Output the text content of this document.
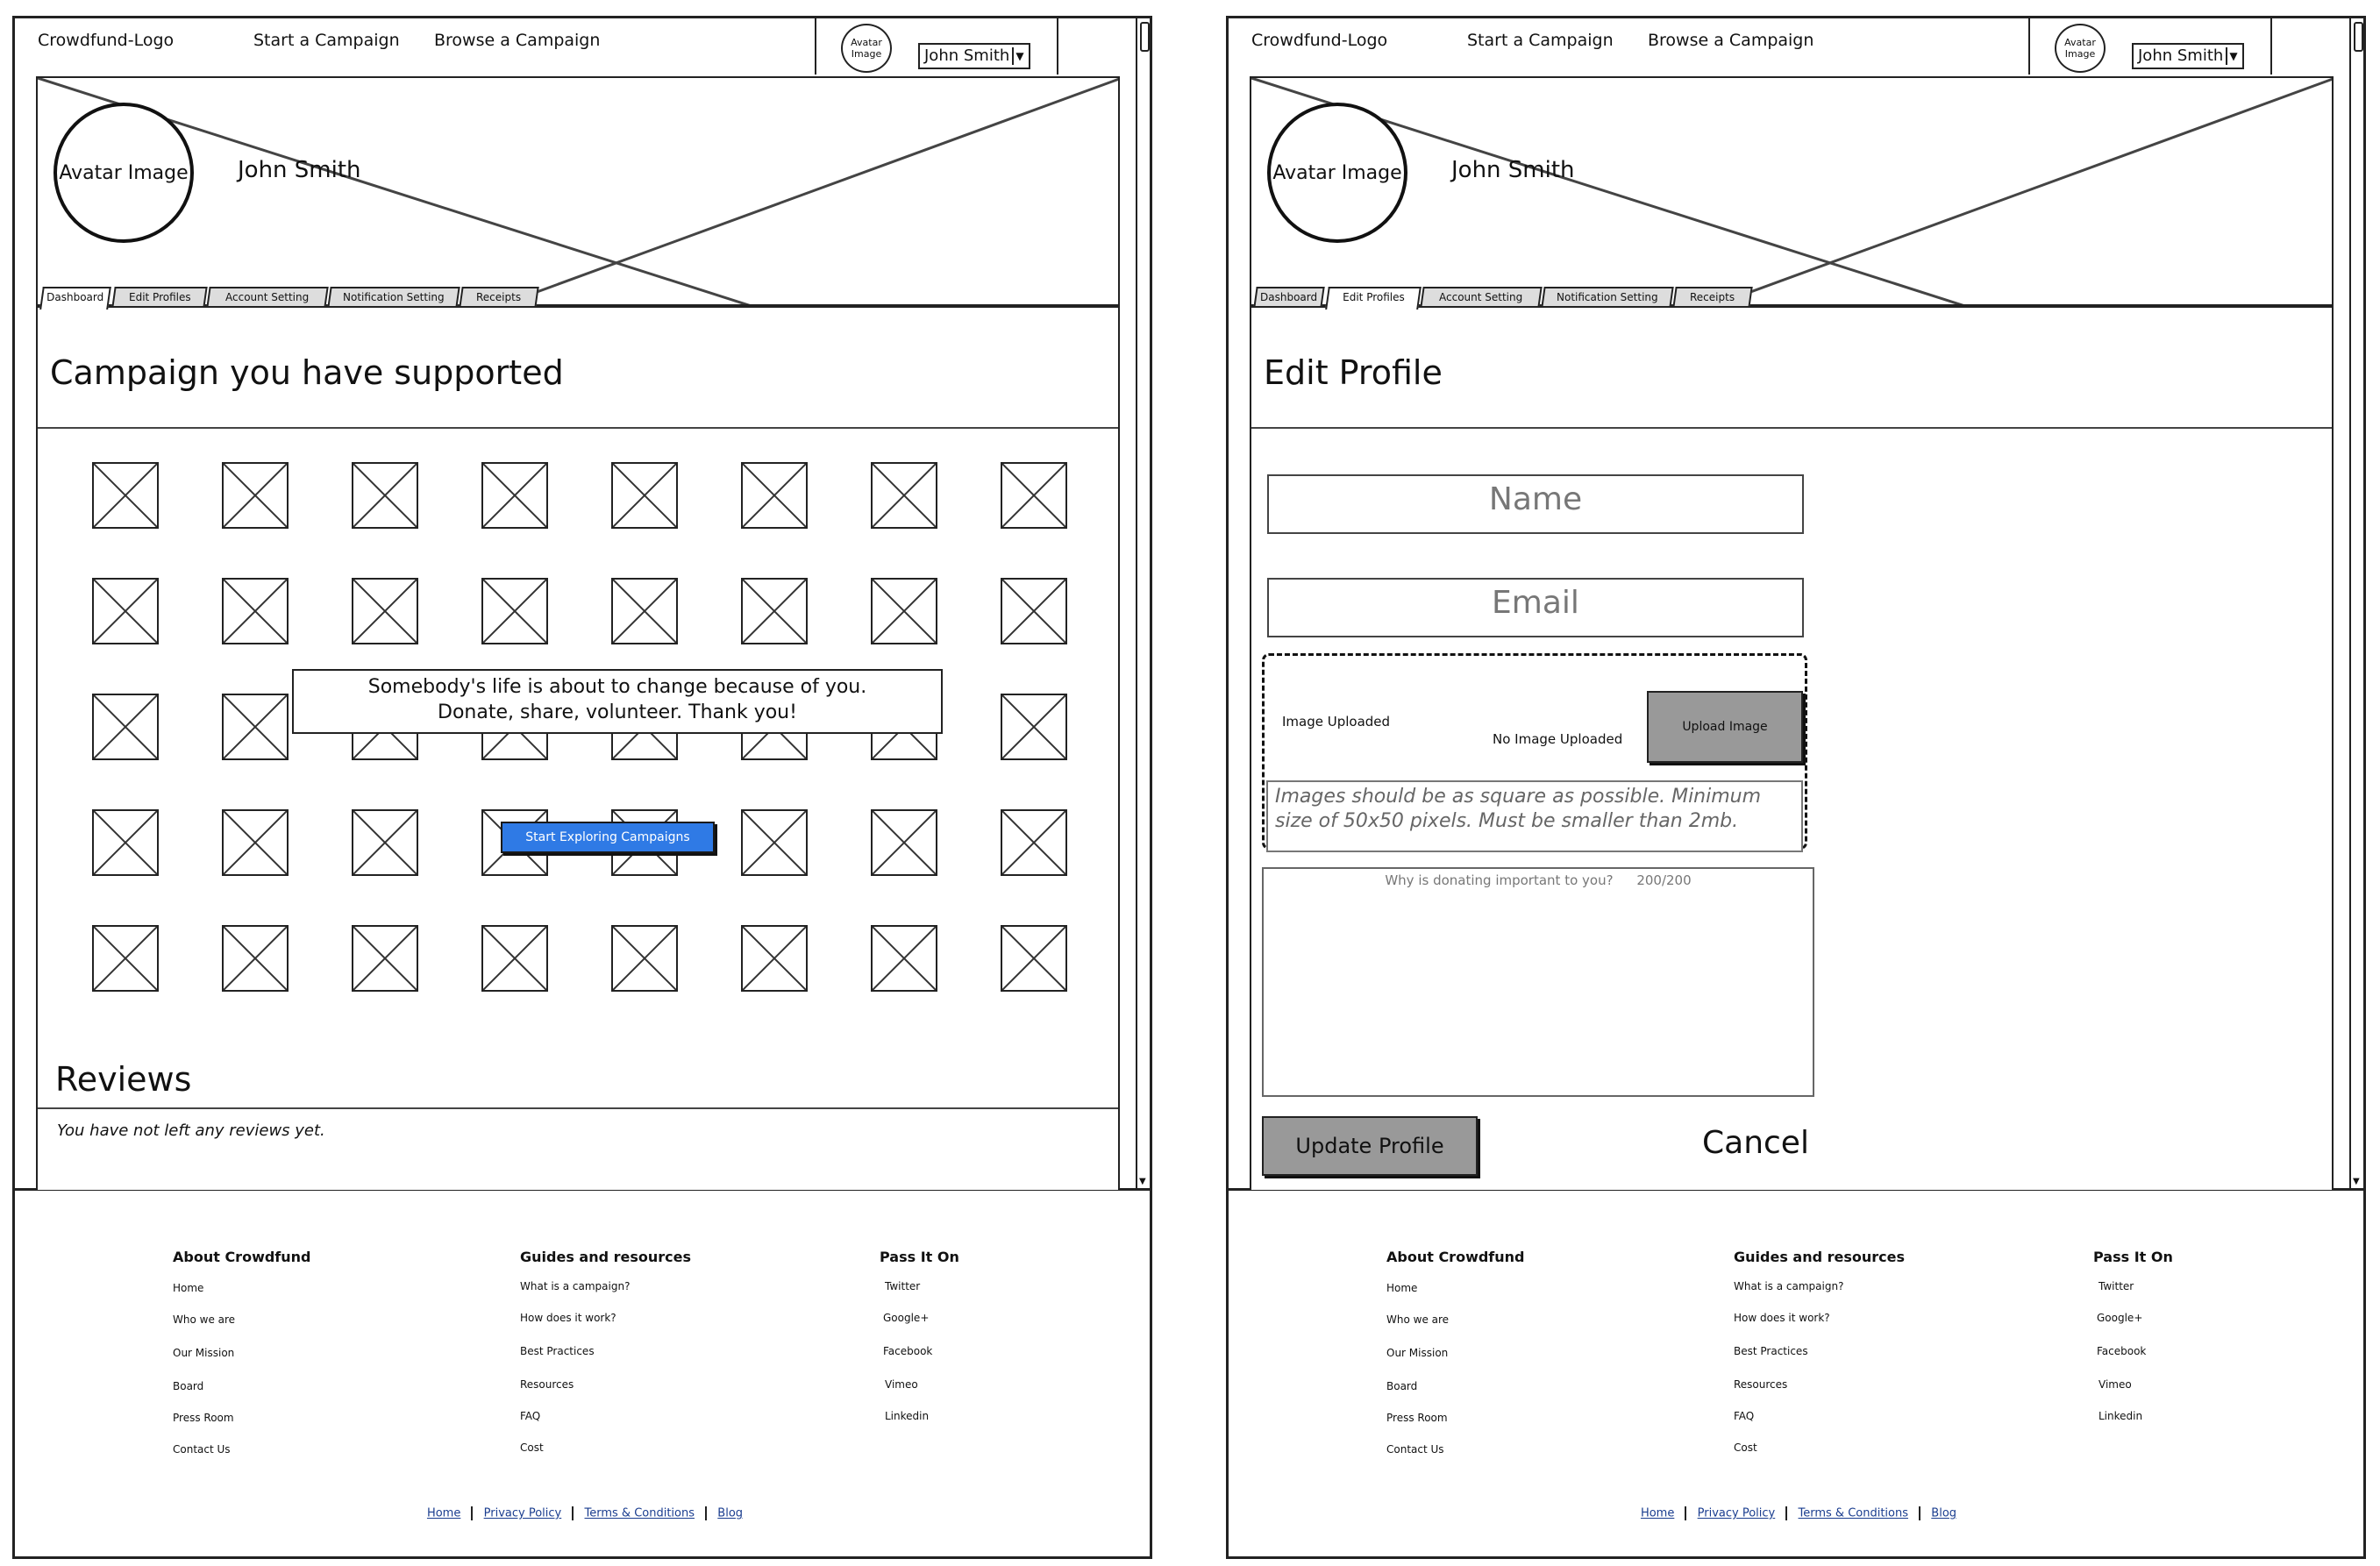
Crowdfund-Logo	Start a Campaign Browse a Campaign	Avatar Image	John Smith ▼
▼
Avatar Image John Smith
Dashboard	Edit Profiles	Account Setting	Notification Setting	Receipts
Campaign you have supported
Somebody's life is about to change because of you.
Donate, share, volunteer. Thank you!
Start Exploring Campaigns
Reviews
You have not left any reviews yet.
About Crowdfund
Home
Who we are
Our Mission
Board
Press Room
Contact Us
Guides and resources
What is a campaign?
How does it work?
Best Practices
Resources
FAQ
Cost
Pass It On
Twitter
Google+
Facebook
Vimeo
Linkedin
Home Privacy Policy Terms & Conditions Blog
Crowdfund-Logo	Start a Campaign Browse a Campaign	Avatar Image	John Smith ▼
▼
Avatar Image John Smith
Dashboard	Edit Profiles	Account Setting	Notification Setting	Receipts
Edit Profile
Name
Email
Image Uploaded
No Image Uploaded
Upload Image
Images should be as square as possible. Minimum size of 50x50 pixels. Must be smaller than 2mb.
Why is donating important to you? 200/200
Update Profile	Cancel
About Crowdfund
Home
Who we are
Our Mission
Board
Press Room
Contact Us
Guides and resources
What is a campaign?
How does it work?
Best Practices
Resources
FAQ
Cost
Pass It On
Twitter
Google+
Facebook
Vimeo
Linkedin
Home Privacy Policy Terms & Conditions Blog
